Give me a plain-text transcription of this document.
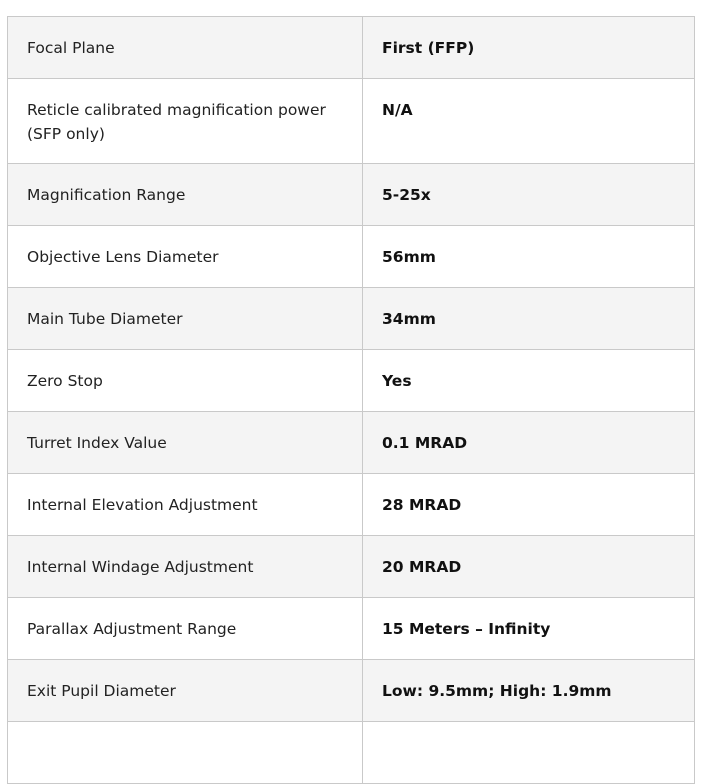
Focal Plane	First (FFP)
Reticle calibrated magnification power (SFP only)	N/A
Magnification Range	5-25x
Objective Lens Diameter	56mm
Main Tube Diameter	34mm
Zero Stop	Yes
Turret Index Value	0.1 MRAD
Internal Elevation Adjustment	28 MRAD
Internal Windage Adjustment	20 MRAD
Parallax Adjustment Range	15 Meters – Infinity
Exit Pupil Diameter	Low: 9.5mm; High: 1.9mm
